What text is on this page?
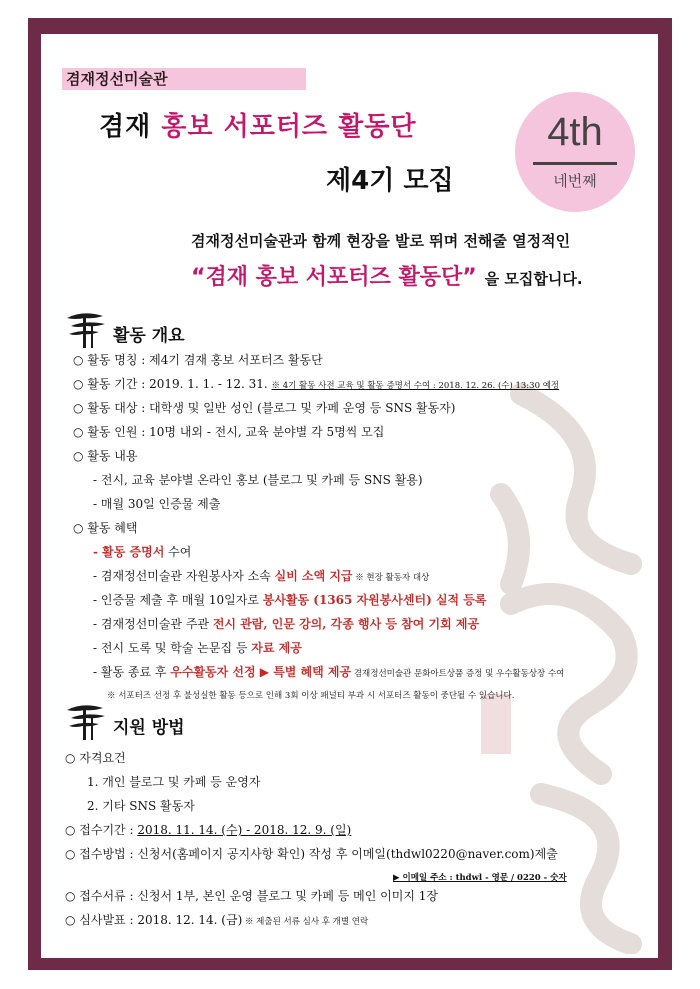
겸재정선미술관
겸재 홍보 서포터즈 활동단
제4기 모집
4th
네번째
겸재정선미술관과 함께 현장을 발로 뛰며 전해줄 열정적인
“겸재 홍보 서포터즈 활동단” 을 모집합니다.
활동 개요
○ 활동 명칭 : 제4기 겸재 홍보 서포터즈 활동단
○ 활동 기간 : 2019. 1. 1. - 12. 31. ※ 4기 활동 사전 교육 및 활동 증명서 수여 : 2018. 12. 26. (수) 13:30 예정
○ 활동 대상 : 대학생 및 일반 성인 (블로그 및 카페 운영 등 SNS 활동자)
○ 활동 인원 : 10명 내외 - 전시, 교육 분야별 각 5명씩 모집
○ 활동 내용
- 전시, 교육 분야별 온라인 홍보 (블로그 및 카페 등 SNS 활용)
- 매월 30일 인증물 제출
○ 활동 혜택
- 활동 증명서 수여
- 겸재정선미술관 자원봉사자 소속 실비 소액 지급 ※ 현장 활동자 대상
- 인증물 제출 후 매월 10일자로 봉사활동 (1365 자원봉사센터) 실적 등록
- 겸재정선미술관 주관 전시 관람, 인문 강의, 각종 행사 등 참여 기회 제공
- 전시 도록 및 학술 논문집 등 자료 제공
- 활동 종료 후 우수활동자 선정 ▶ 특별 혜택 제공 겸재정선미술관 문화아트상품 증정 및 우수활동상장 수여
※ 서포터즈 선정 후 불성실한 활동 등으로 인해 3회 이상 패널티 부과 시 서포터즈 활동이 중단될 수 있습니다.
지원 방법
○ 자격요건
1. 개인 블로그 및 카페 등 운영자
2. 기타 SNS 활동자
○ 접수기간 : 2018. 11. 14. (수) - 2018. 12. 9. (일)
○ 접수방법 : 신청서(홈페이지 공지사항 확인) 작성 후 이메일(thdwl0220@naver.com)제출
▶ 이메일 주소 : thdwl - 영문 / 0220 - 숫자
○ 접수서류 : 신청서 1부, 본인 운영 블로그 및 카페 등 메인 이미지 1장
○ 심사발표 : 2018. 12. 14. (금) ※ 제출된 서류 심사 후 개별 연락
